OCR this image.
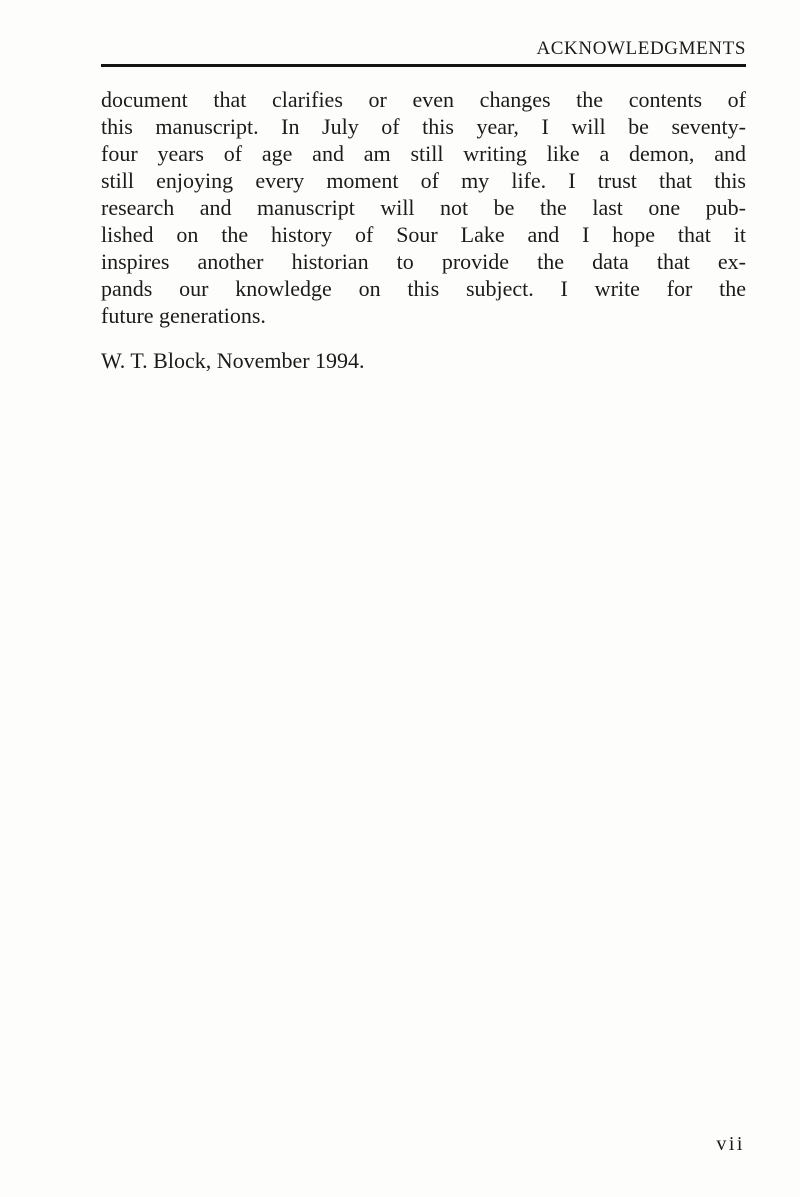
ACKNOWLEDGMENTS
document that clarifies or even changes the contents of
this manuscript. In July of this year, I will be seventy-
four years of age and am still writing like a demon, and
still enjoying every moment of my life. I trust that this
research and manuscript will not be the last one pub-
lished on the history of Sour Lake and I hope that it
inspires another historian to provide the data that ex-
pands our knowledge on this subject. I write for the
future generations.
W. T. Block, November 1994.
vii
